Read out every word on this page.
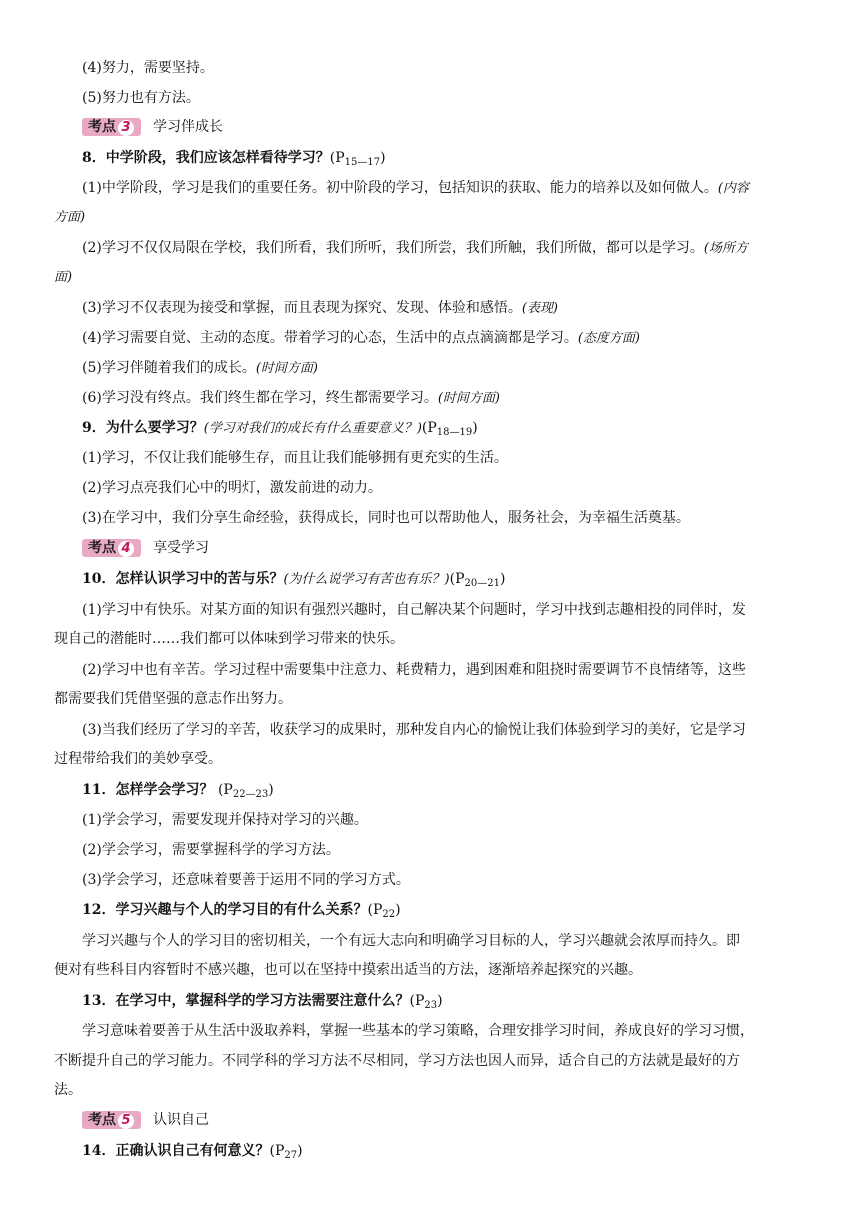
(4)努力，需要坚持。
(5)努力也有方法。
考点 3 学习伴成长
8．中学阶段，我们应该怎样看待学习？$(P_{15—17})$
(1)中学阶段，学习是我们的重要任务。初中阶段的学习，包括知识的获取、能力的培养以及如何做人。(内容
方面)
(2)学习不仅仅局限在学校，我们所看，我们所听，我们所尝，我们所触，我们所做，都可以是学习。(场所方
面)
(3)学习不仅表现为接受和掌握，而且表现为探究、发现、体验和感悟。(表现)
(4)学习需要自觉、主动的态度。带着学习的心态，生活中的点点滴滴都是学习。(态度方面)
(5)学习伴随着我们的成长。(时间方面)
(6)学习没有终点。我们终生都在学习，终生都需要学习。(时间方面)
9．为什么要学习？(学习对我们的成长有什么重要意义？)$(P_{18—19})$
(1)学习，不仅让我们能够生存，而且让我们能够拥有更充实的生活。
(2)学习点亮我们心中的明灯，激发前进的动力。
(3)在学习中，我们分享生命经验，获得成长，同时也可以帮助他人，服务社会，为幸福生活奠基。
考点 4 享受学习
10．怎样认识学习中的苦与乐？(为什么说学习有苦也有乐？)$(P_{20—21})$
(1)学习中有快乐。对某方面的知识有强烈兴趣时，自己解决某个问题时，学习中找到志趣相投的同伴时，发
现自己的潜能时……我们都可以体味到学习带来的快乐。
(2)学习中也有辛苦。学习过程中需要集中注意力、耗费精力，遇到困难和阻挠时需要调节不良情绪等，这些
都需要我们凭借坚强的意志作出努力。
(3)当我们经历了学习的辛苦，收获学习的成果时，那种发自内心的愉悦让我们体验到学习的美好，它是学习
过程带给我们的美妙享受。
11．怎样学会学习？ $(P_{22—23})$
(1)学会学习，需要发现并保持对学习的兴趣。
(2)学会学习，需要掌握科学的学习方法。
(3)学会学习，还意味着要善于运用不同的学习方式。
12．学习兴趣与个人的学习目的有什么关系？$(P_{22})$
学习兴趣与个人的学习目的密切相关，一个有远大志向和明确学习目标的人，学习兴趣就会浓厚而持久。即
便对有些科目内容暂时不感兴趣，也可以在坚持中摸索出适当的方法，逐渐培养起探究的兴趣。
13．在学习中，掌握科学的学习方法需要注意什么？$(P_{23})$
学习意味着要善于从生活中汲取养料，掌握一些基本的学习策略，合理安排学习时间，养成良好的学习习惯，
不断提升自己的学习能力。不同学科的学习方法不尽相同，学习方法也因人而异，适合自己的方法就是最好的方
法。
考点 5 认识自己
14．正确认识自己有何意义？$(P_{27})$
